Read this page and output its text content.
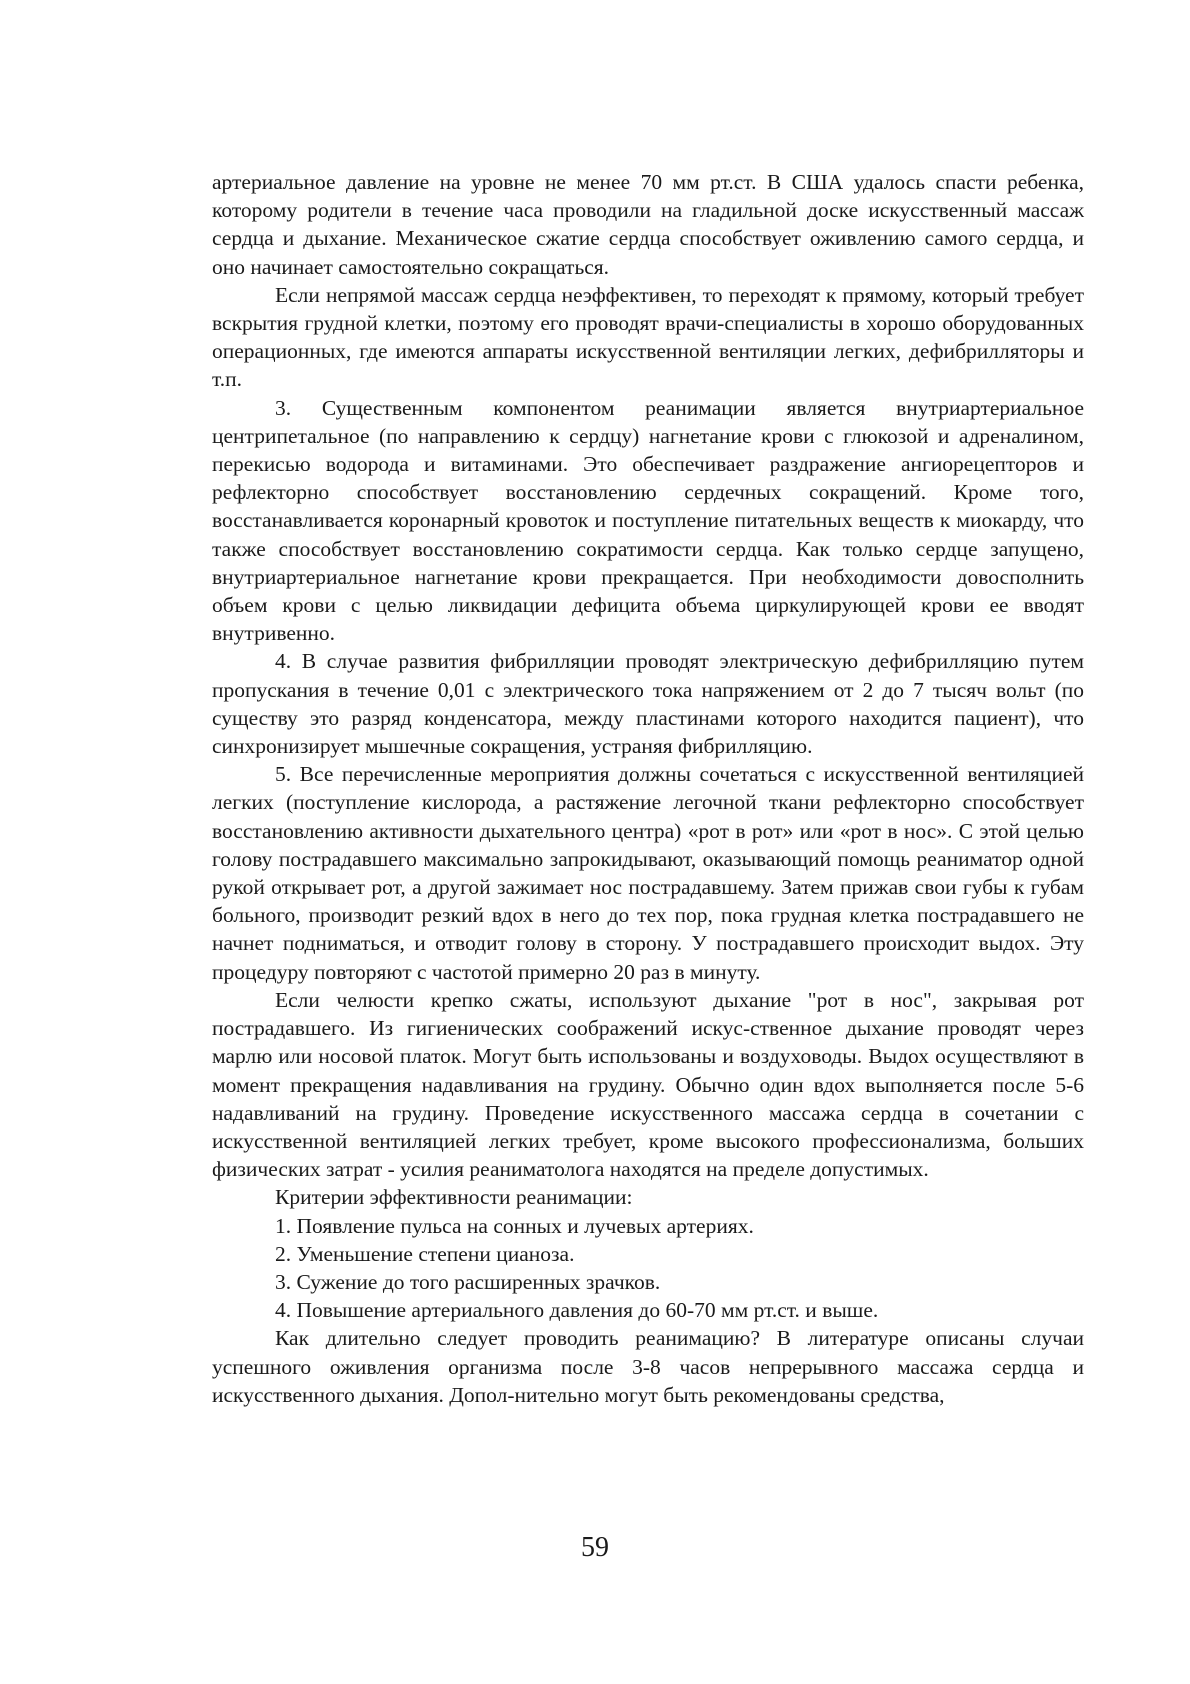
артериальное давление на уровне не менее 70 мм рт.ст. В США удалось спасти ребенка, которому родители в течение часа проводили на гладильной доске искусственный массаж сердца и дыхание. Механическое сжатие сердца способствует оживлению самого сердца, и оно начинает самостоятельно сокращаться.

Если непрямой массаж сердца неэффективен, то переходят к прямому, который требует вскрытия грудной клетки, поэтому его проводят врачи-специалисты в хорошо оборудованных операционных, где имеются аппараты искусственной вентиляции легких, дефибрилляторы и т.п.

3. Существенным компонентом реанимации является внутриартериальное центрипетальное (по направлению к сердцу) нагнетание крови с глюкозой и адреналином, перекисью водорода и витаминами. Это обеспечивает раздражение ангиорецепторов и рефлекторно способствует восстановлению сердечных сокращений. Кроме того, восстанавливается коронарный кровоток и поступление питательных веществ к миокарду, что также способствует восстановлению сократимости сердца. Как только сердце запущено, внутриартериальное нагнетание крови прекращается. При необходимости довосполнить объем крови с целью ликвидации дефицита объема циркулирующей крови ее вводят внутривенно.

4. В случае развития фибрилляции проводят электрическую дефибрилляцию путем пропускания в течение 0,01 с электрического тока напряжением от 2 до 7 тысяч вольт (по существу это разряд конденсатора, между пластинами которого находится пациент), что синхронизирует мышечные сокращения, устраняя фибрилляцию.

5. Все перечисленные мероприятия должны сочетаться с искусственной вентиляцией легких (поступление кислорода, а растяжение легочной ткани рефлекторно способствует восстановлению активности дыхательного центра) «рот в рот» или «рот в нос». С этой целью голову пострадавшего максимально запрокидывают, оказывающий помощь реаниматор одной рукой открывает рот, а другой зажимает нос пострадавшему. Затем прижав свои губы к губам больного, производит резкий вдох в него до тех пор, пока грудная клетка пострадавшего не начнет подниматься, и отводит голову в сторону. У пострадавшего происходит выдох. Эту процедуру повторяют с частотой примерно 20 раз в минуту.

Если челюсти крепко сжаты, используют дыхание "рот в нос", закрывая рот пострадавшего. Из гигиенических соображений искус-ственное дыхание проводят через марлю или носовой платок. Могут быть использованы и воздуховоды. Выдох осуществляют в момент прекращения надавливания на грудину. Обычно один вдох выполняется после 5-6 надавливаний на грудину. Проведение искусственного массажа сердца в сочетании с искусственной вентиляцией легких требует, кроме высокого профессионализма, больших физических затрат - усилия реаниматолога находятся на пределе допустимых.

Критерии эффективности реанимации:

1. Появление пульса на сонных и лучевых артериях.

2. Уменьшение степени цианоза.

3. Сужение до того расширенных зрачков.

4. Повышение артериального давления до 60-70 мм рт.ст. и выше.

Как длительно следует проводить реанимацию? В литературе описаны случаи успешного оживления организма после 3-8 часов непрерывного массажа сердца и искусственного дыхания. Допол-нительно могут быть рекомендованы средства,

59
